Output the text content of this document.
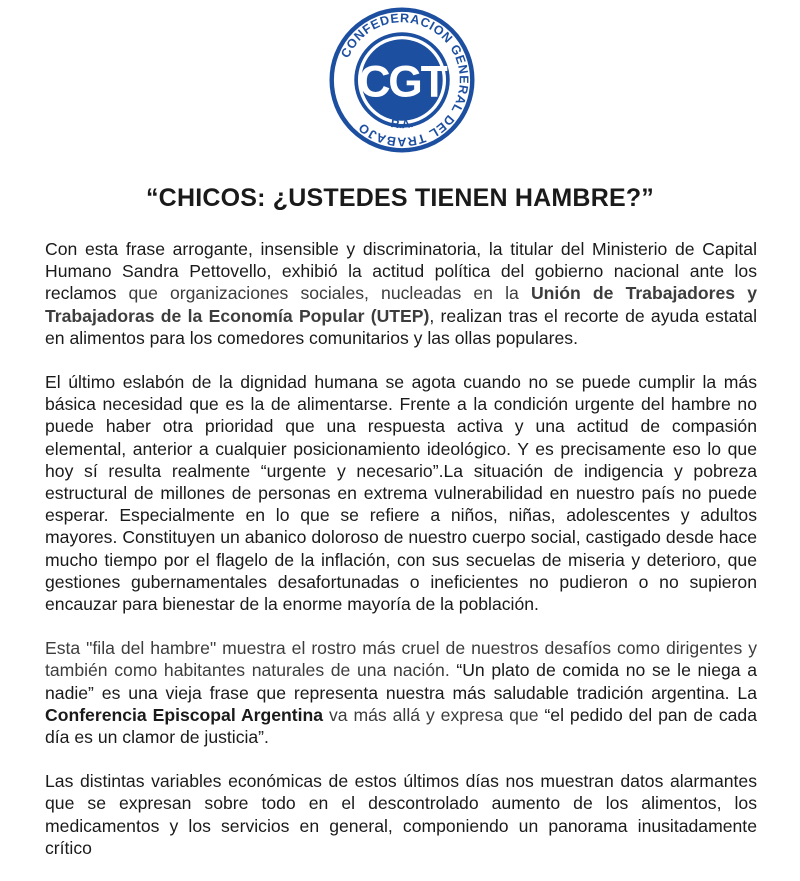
CONFEDERACION GENERAL DEL TRABAJO - R.A. -
CGT
“CHICOS: ¿USTEDES TIENEN HAMBRE?”

Con esta frase arrogante, insensible y discriminatoria, la titular del Ministerio de Capital Humano Sandra Pettovello, exhibió la actitud política del gobierno nacional ante los reclamos que organizaciones sociales, nucleadas en la Unión de Trabajadores y Trabajadoras de la Economía Popular (UTEP), realizan tras el recorte de ayuda estatal en alimentos para los comedores comunitarios y las ollas populares.

El último eslabón de la dignidad humana se agota cuando no se puede cumplir la más básica necesidad que es la de alimentarse. Frente a la condición urgente del hambre no puede haber otra prioridad que una respuesta activa y una actitud de compasión elemental, anterior a cualquier posicionamiento ideológico. Y es precisamente eso lo que hoy sí resulta realmente “urgente y necesario”.La situación de indigencia y pobreza estructural de millones de personas en extrema vulnerabilidad en nuestro país no puede esperar. Especialmente en lo que se refiere a niños, niñas, adolescentes y adultos mayores. Constituyen un abanico doloroso de nuestro cuerpo social, castigado desde hace mucho tiempo por el flagelo de la inflación, con sus secuelas de miseria y deterioro, que gestiones gubernamentales desafortunadas o ineficientes no pudieron o no supieron encauzar para bienestar de la enorme mayoría de la población.

Esta "fila del hambre" muestra el rostro más cruel de nuestros desafíos como dirigentes y también como habitantes naturales de una nación. “Un plato de comida no se le niega a nadie” es una vieja frase que representa nuestra más saludable tradición argentina. La Conferencia Episcopal Argentina va más allá y expresa que “el pedido del pan de cada día es un clamor de justicia”.

Las distintas variables económicas de estos últimos días nos muestran datos alarmantes que se expresan sobre todo en el descontrolado aumento de los alimentos, los medicamentos y los servicios en general, componiendo un panorama inusitadamente crítico
